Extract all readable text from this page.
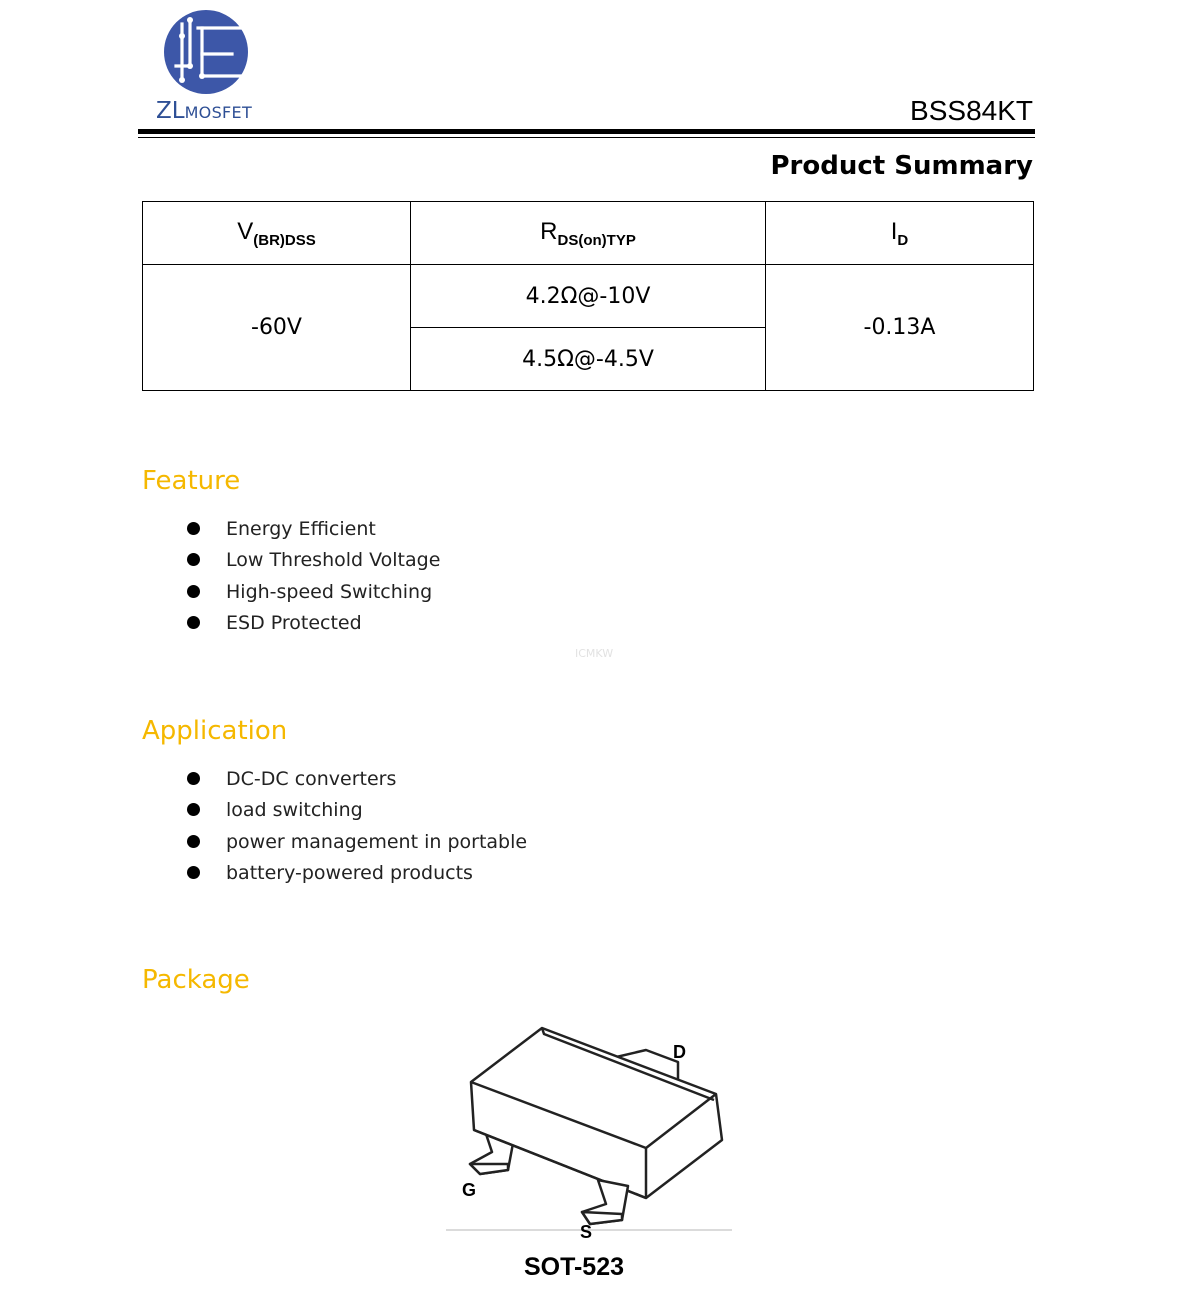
ZLMOSFET	BSS84KT
Product Summary
$V_{(BR)DSS}$	$R_{DS(on)TYP}$	$I_D$
-60V	4.2Ω@-10V	-0.13A
	4.5Ω@-4.5V	
Feature
Energy Efficient
Low Threshold Voltage
High-speed Switching
ESD Protected
ICMKW
Application
DC-DC converters
load switching
power management in portable
battery-powered products
Package
D
G
S
SOT-523
